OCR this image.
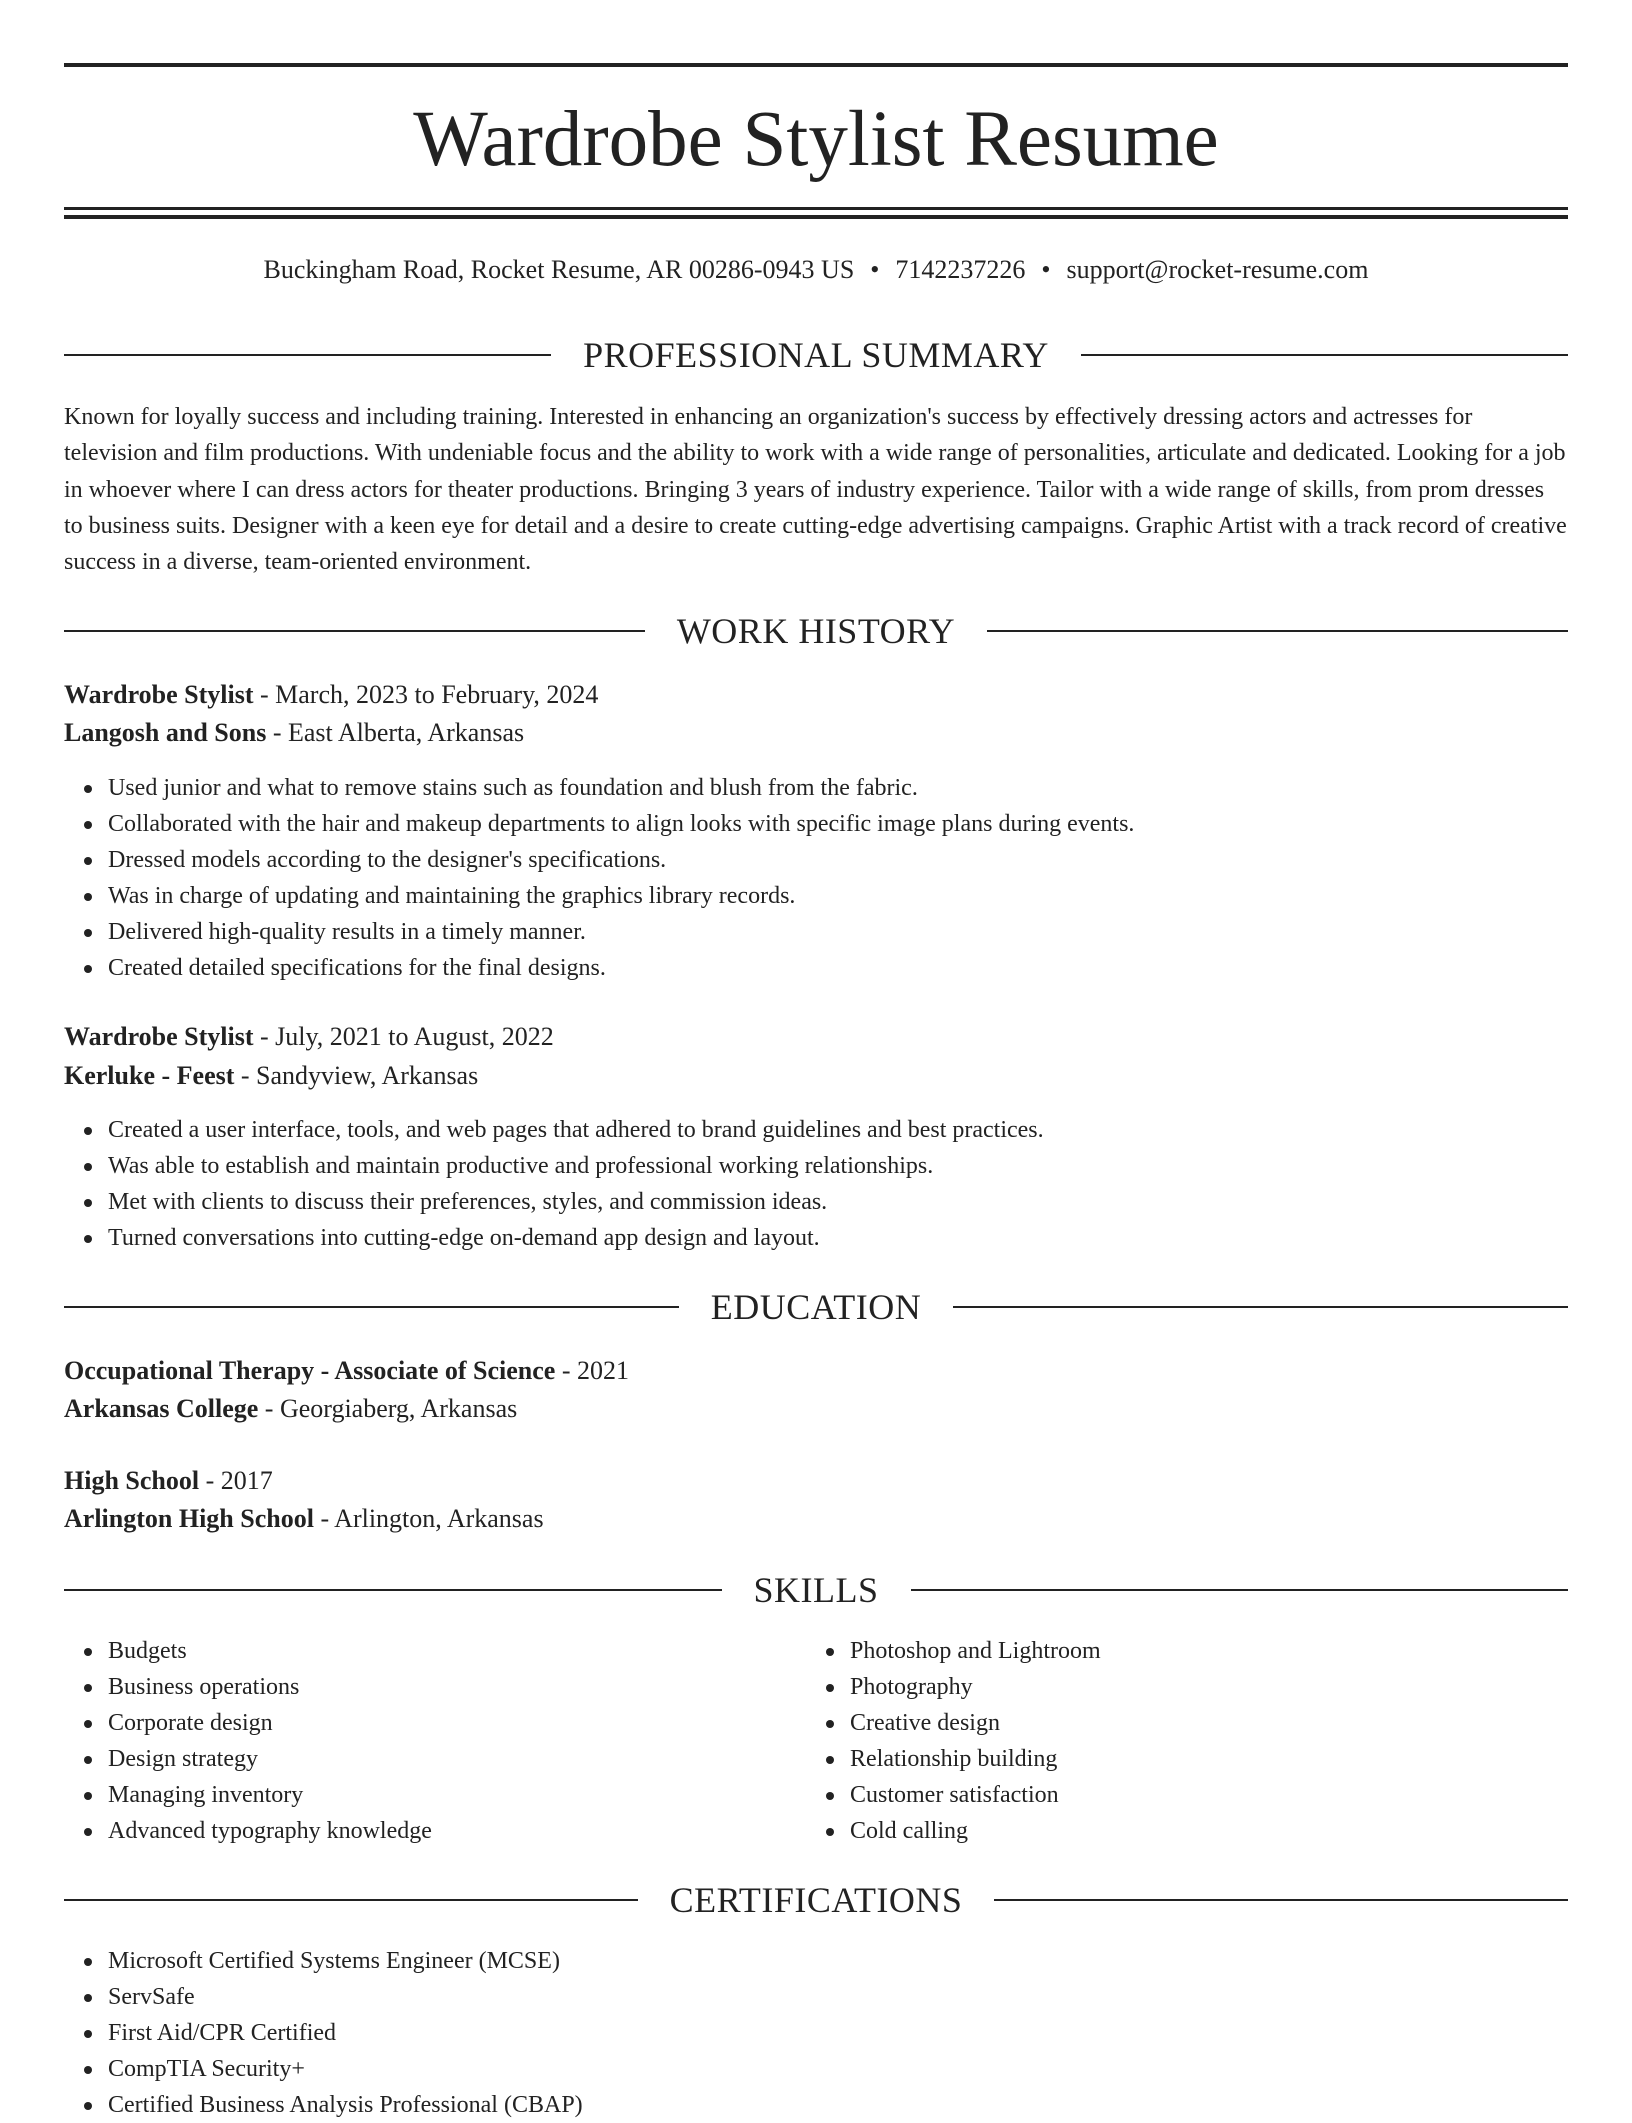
Wardrobe Stylist Resume
Buckingham Road, Rocket Resume, AR 00286-0943 US • 7142237226 • support@rocket-resume.com
PROFESSIONAL SUMMARY

Known for loyally success and including training. Interested in enhancing an organization's success by effectively dressing actors and actresses for television and film productions. With undeniable focus and the ability to work with a wide range of personalities, articulate and dedicated. Looking for a job in whoever where I can dress actors for theater productions. Bringing 3 years of industry experience. Tailor with a wide range of skills, from prom dresses to business suits. Designer with a keen eye for detail and a desire to create cutting-edge advertising campaigns. Graphic Artist with a track record of creative success in a diverse, team-oriented environment.

WORK HISTORY
Wardrobe Stylist - March, 2023 to February, 2024
Langosh and Sons - East Alberta, Arkansas
Used junior and what to remove stains such as foundation and blush from the fabric.
Collaborated with the hair and makeup departments to align looks with specific image plans during events.
Dressed models according to the designer's specifications.
Was in charge of updating and maintaining the graphics library records.
Delivered high-quality results in a timely manner.
Created detailed specifications for the final designs.
Wardrobe Stylist - July, 2021 to August, 2022
Kerluke - Feest - Sandyview, Arkansas
Created a user interface, tools, and web pages that adhered to brand guidelines and best practices.
Was able to establish and maintain productive and professional working relationships.
Met with clients to discuss their preferences, styles, and commission ideas.
Turned conversations into cutting-edge on-demand app design and layout.
EDUCATION
Occupational Therapy - Associate of Science - 2021
Arkansas College - Georgiaberg, Arkansas
High School - 2017
Arlington High School - Arlington, Arkansas
SKILLS
Budgets
Business operations
Corporate design
Design strategy
Managing inventory
Advanced typography knowledge
Photoshop and Lightroom
Photography
Creative design
Relationship building
Customer satisfaction
Cold calling
CERTIFICATIONS
Microsoft Certified Systems Engineer (MCSE)
ServSafe
First Aid/CPR Certified
CompTIA Security+
Certified Business Analysis Professional (CBAP)
